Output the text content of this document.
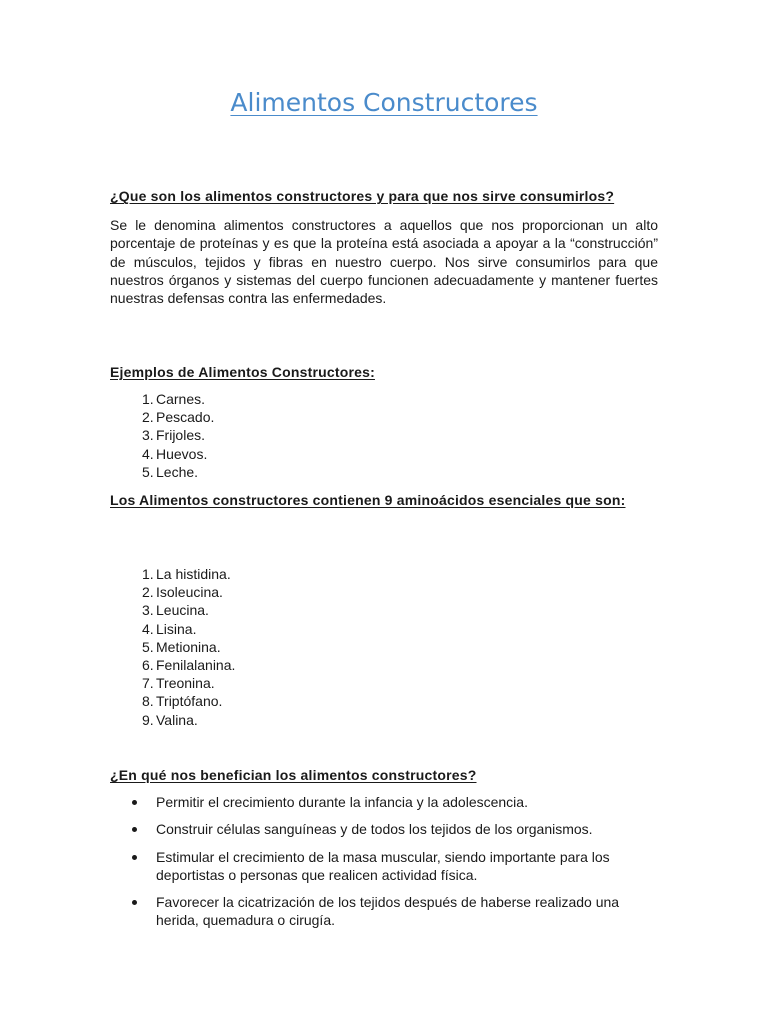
Alimentos Constructores

¿Que son los alimentos constructores y para que nos sirve consumirlos?

Se le denomina alimentos constructores a aquellos que nos proporcionan un alto porcentaje de proteínas y es que la proteína está asociada a apoyar a la “construcción” de músculos, tejidos y fibras en nuestro cuerpo. Nos sirve consumirlos para que nuestros órganos y sistemas del cuerpo funcionen adecuadamente y mantener fuertes nuestras defensas contra las enfermedades.

Ejemplos de Alimentos Constructores:

1. Carnes.
2. Pescado.
3. Frijoles.
4. Huevos.
5. Leche.

Los Alimentos constructores contienen 9 aminoácidos esenciales que son:

1. La histidina.
2. Isoleucina.
3. Leucina.
4. Lisina.
5. Metionina.
6. Fenilalanina.
7. Treonina.
8. Triptófano.
9. Valina.

¿En qué nos benefician los alimentos constructores?

Permitir el crecimiento durante la infancia y la adolescencia.
Construir células sanguíneas y de todos los tejidos de los organismos.
Estimular el crecimiento de la masa muscular, siendo importante para los deportistas o personas que realicen actividad física.
Favorecer la cicatrización de los tejidos después de haberse realizado una herida, quemadura o cirugía.
